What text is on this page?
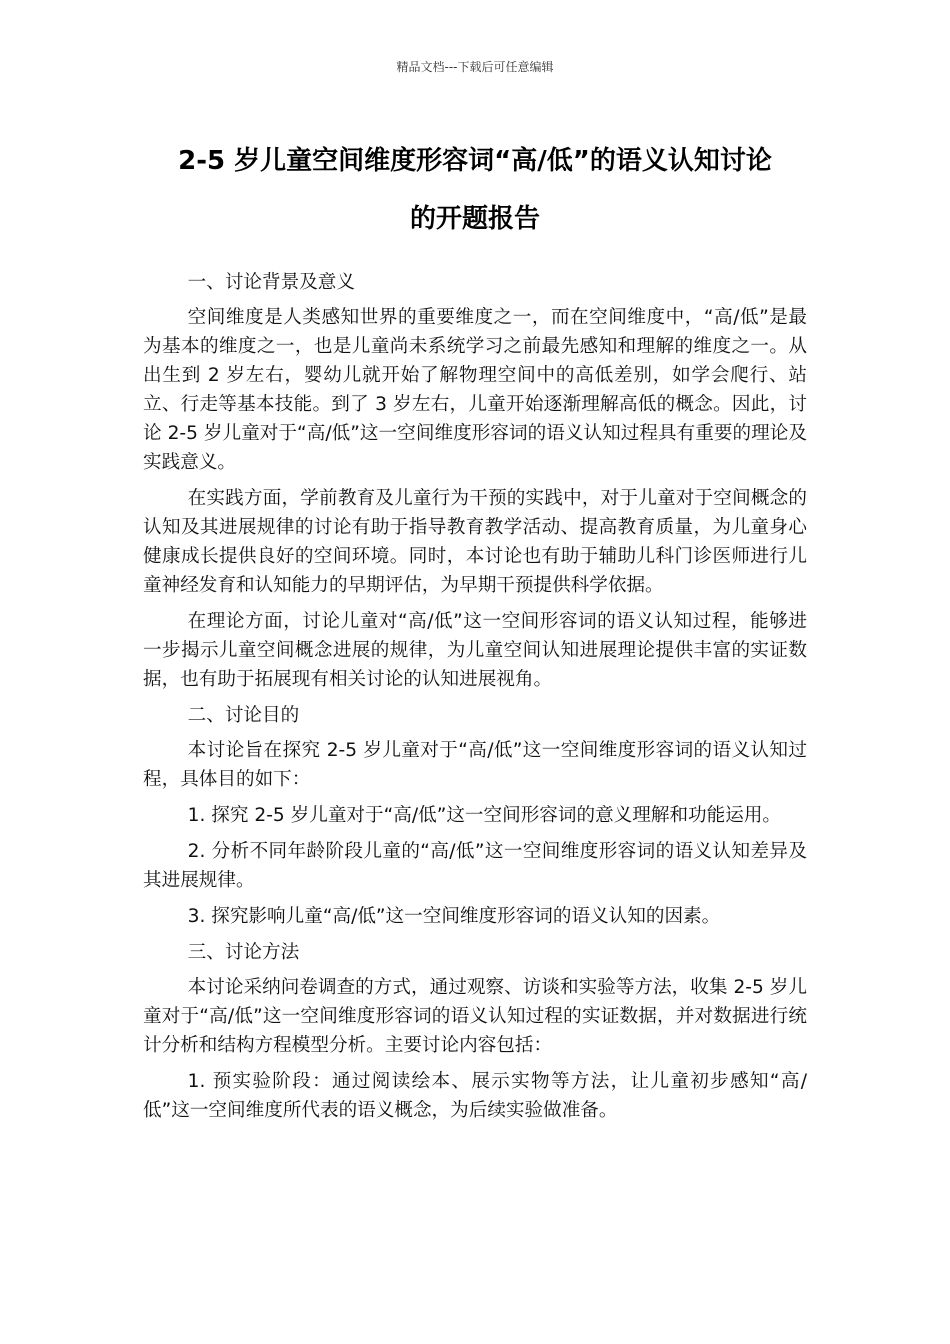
精品文档---下载后可任意编辑
2-5 岁儿童空间维度形容词“高/低”的语义认知讨论
的开题报告

一、讨论背景及意义

空间维度是人类感知世界的重要维度之一，而在空间维度中，“高/低”是最为基本的维度之一，也是儿童尚未系统学习之前最先感知和理解的维度之一。从出生到 2 岁左右，婴幼儿就开始了解物理空间中的高低差别，如学会爬行、站立、行走等基本技能。到了 3 岁左右，儿童开始逐渐理解高低的概念。因此，讨论 2-5 岁儿童对于“高/低”这一空间维度形容词的语义认知过程具有重要的理论及实践意义。

在实践方面，学前教育及儿童行为干预的实践中，对于儿童对于空间概念的认知及其进展规律的讨论有助于指导教育教学活动、提高教育质量，为儿童身心健康成长提供良好的空间环境。同时，本讨论也有助于辅助儿科门诊医师进行儿童神经发育和认知能力的早期评估，为早期干预提供科学依据。

在理论方面，讨论儿童对“高/低”这一空间形容词的语义认知过程，能够进一步揭示儿童空间概念进展的规律，为儿童空间认知进展理论提供丰富的实证数据，也有助于拓展现有相关讨论的认知进展视角。

二、讨论目的

本讨论旨在探究 2-5 岁儿童对于“高/低”这一空间维度形容词的语义认知过程，具体目的如下：

1. 探究 2-5 岁儿童对于“高/低”这一空间形容词的意义理解和功能运用。

2. 分析不同年龄阶段儿童的“高/低”这一空间维度形容词的语义认知差异及其进展规律。

3. 探究影响儿童“高/低”这一空间维度形容词的语义认知的因素。

三、讨论方法

本讨论采纳问卷调查的方式，通过观察、访谈和实验等方法，收集 2-5 岁儿童对于“高/低”这一空间维度形容词的语义认知过程的实证数据，并对数据进行统计分析和结构方程模型分析。主要讨论内容包括：

1. 预实验阶段：通过阅读绘本、展示实物等方法，让儿童初步感知“高/低”这一空间维度所代表的语义概念，为后续实验做准备。
